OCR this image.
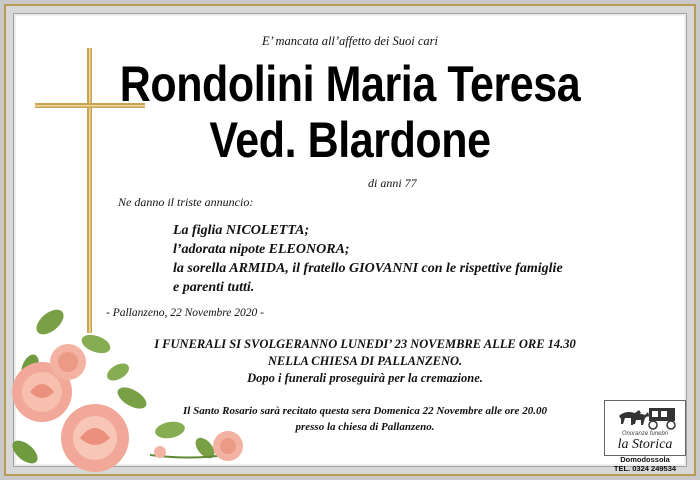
E’ mancata all’affetto dei Suoi cari
Rondolini Maria Teresa
Ved. Blardone
di anni 77
Ne danno il triste annuncio:
La figlia NICOLETTA;
l’adorata nipote ELEONORA;
la sorella ARMIDA, il fratello GIOVANNI con le rispettive famiglie
e parenti tutti.
- Pallanzeno, 22 Novembre 2020 -
I FUNERALI SI SVOLGERANNO LUNEDI’ 23 NOVEMBRE ALLE ORE 14.30
NELLA CHIESA DI PALLANZENO.
Dopo i funerali proseguirà per la cremazione.
Il Santo Rosario sarà recitato questa sera Domenica 22 Novembre alle ore 20.00
presso la chiesa di Pallanzeno.
Onoranze funebri
la Storica
Domodossola
TEL. 0324 249534
